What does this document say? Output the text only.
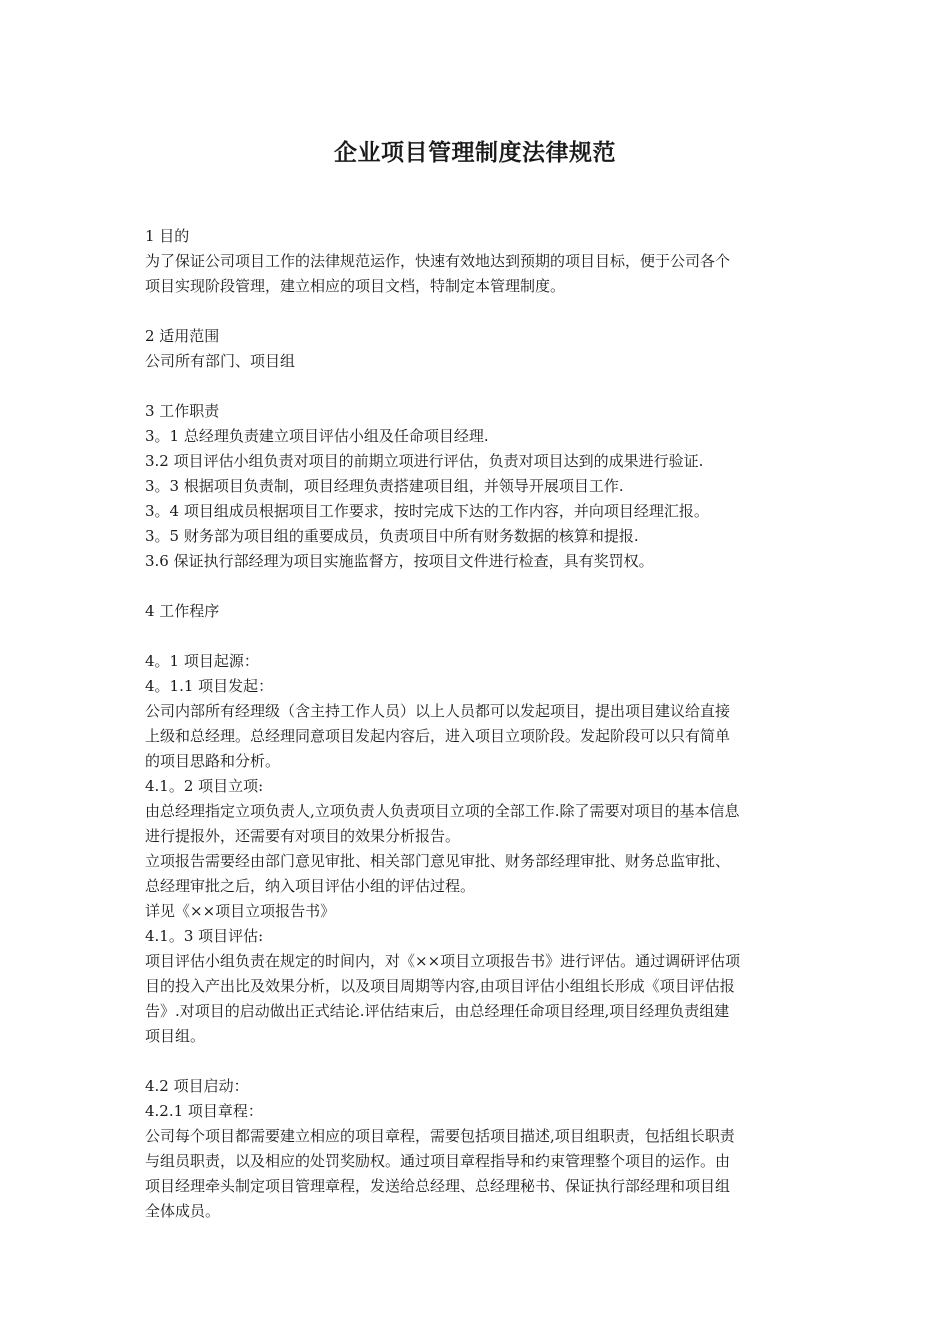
企业项目管理制度法律规范

1 目的

为了保证公司项目工作的法律规范运作，快速有效地达到预期的项目目标，便于公司各个

项目实现阶段管理，建立相应的项目文档，特制定本管理制度。

2 适用范围

公司所有部门、项目组

3 工作职责

3。1 总经理负责建立项目评估小组及任命项目经理.

3.2 项目评估小组负责对项目的前期立项进行评估，负责对项目达到的成果进行验证.

3。3 根据项目负责制，项目经理负责搭建项目组，并领导开展项目工作.

3。4 项目组成员根据项目工作要求，按时完成下达的工作内容，并向项目经理汇报。

3。5 财务部为项目组的重要成员，负责项目中所有财务数据的核算和提报.

3.6 保证执行部经理为项目实施监督方，按项目文件进行检查，具有奖罚权。

4 工作程序

4。1 项目起源：

4。1.1 项目发起：

公司内部所有经理级（含主持工作人员）以上人员都可以发起项目，提出项目建议给直接

上级和总经理。总经理同意项目发起内容后，进入项目立项阶段。发起阶段可以只有简单

的项目思路和分析。

4.1。2 项目立项:

由总经理指定立项负责人,立项负责人负责项目立项的全部工作.除了需要对项目的基本信息

进行提报外，还需要有对项目的效果分析报告。

立项报告需要经由部门意见审批、相关部门意见审批、财务部经理审批、财务总监审批、

总经理审批之后，纳入项目评估小组的评估过程。

详见《××项目立项报告书》

4.1。3 项目评估:

项目评估小组负责在规定的时间内，对《××项目立项报告书》进行评估。通过调研评估项

目的投入产出比及效果分析，以及项目周期等内容,由项目评估小组组长形成《项目评估报

告》.对项目的启动做出正式结论.评估结束后，由总经理任命项目经理,项目经理负责组建

项目组。

4.2 项目启动：

4.2.1 项目章程：

公司每个项目都需要建立相应的项目章程，需要包括项目描述,项目组职责，包括组长职责

与组员职责，以及相应的处罚奖励权。通过项目章程指导和约束管理整个项目的运作。由

项目经理牵头制定项目管理章程，发送给总经理、总经理秘书、保证执行部经理和项目组

全体成员。
